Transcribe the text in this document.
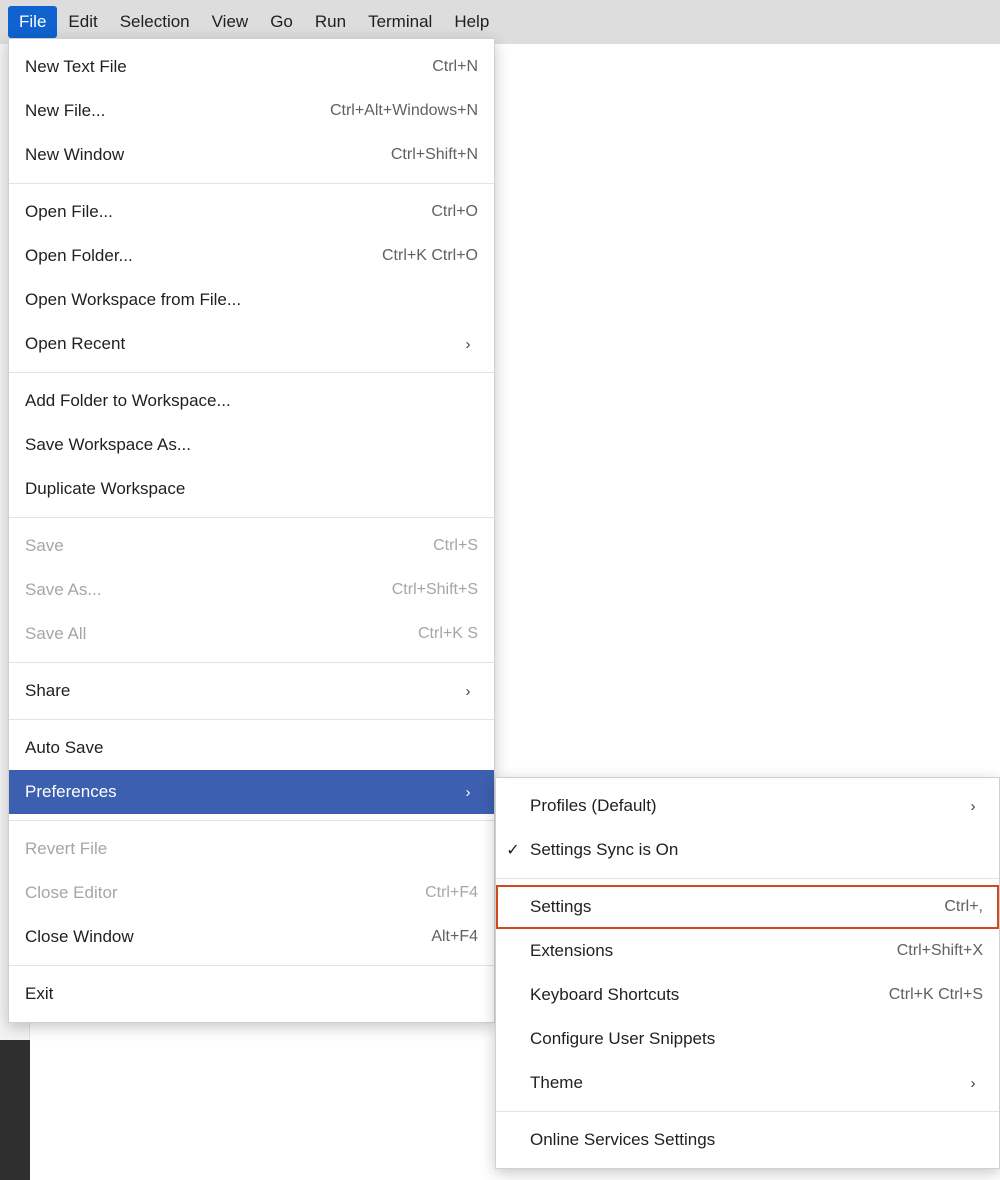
File	Edit	Selection	View	Go	Run	Terminal	Help
New Text File	Ctrl+N
New File...	Ctrl+Alt+Windows+N
New Window	Ctrl+Shift+N
Open File...	Ctrl+O
Open Folder...	Ctrl+K Ctrl+O
Open Workspace from File...
Open Recent	›
Add Folder to Workspace...
Save Workspace As...
Duplicate Workspace
Save	Ctrl+S
Save As...	Ctrl+Shift+S
Save All	Ctrl+K S
Share	›
Auto Save
Preferences	›
Revert File
Close Editor	Ctrl+F4
Close Window	Alt+F4
Exit
Profiles (Default)	›
✓ Settings Sync is On
Settings	Ctrl+,
Extensions	Ctrl+Shift+X
Keyboard Shortcuts	Ctrl+K Ctrl+S
Configure User Snippets
Theme	›
Online Services Settings
